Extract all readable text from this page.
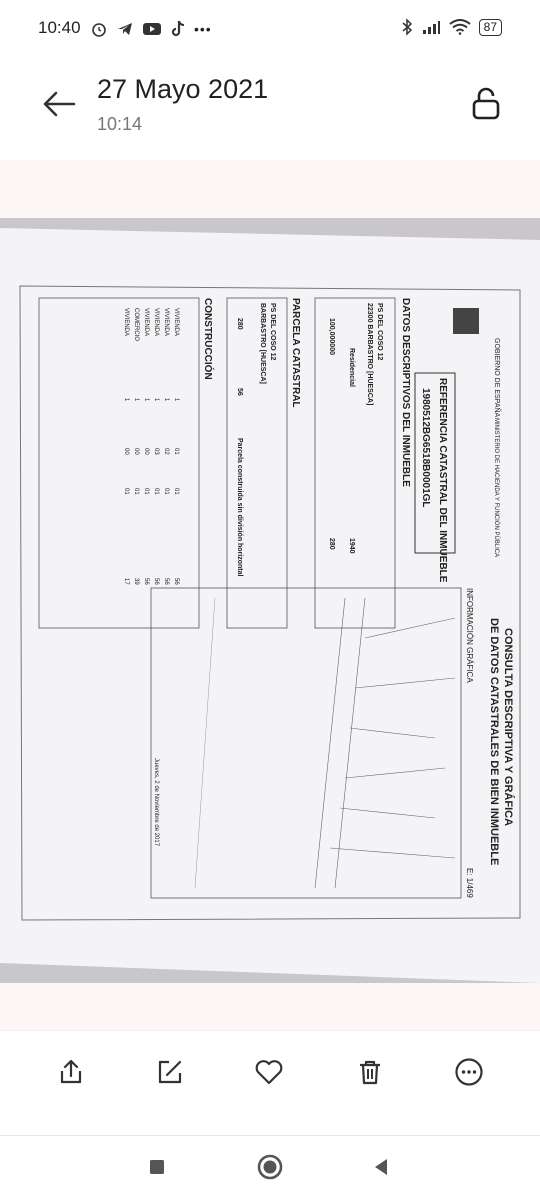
10:40	•••	87
27 Mayo 2021
10:14
GOBIERNO DE ESPAÑA
MINISTERIO DE HACIENDA Y FUNCIÓN PÚBLICA
REFERENCIA CATASTRAL DEL INMUEBLE
1980512BG6518B0001GL
DATOS DESCRIPTIVOS DEL INMUEBLE
PS DEL COSO 12
22300 BARBASTRO [HUESCA]
Residencial
1940
100,000000
280
PARCELA CATASTRAL
PS DEL COSO 12
BARBASTRO [HUESCA]
280
56
Parcela construida sin división horizontal
CONSTRUCCIÓN
VIVIENDA
1
01
01
56
VIVIENDA
1
02
01
56
VIVIENDA
1
03
01
56
VIVIENDA
1
00
01
56
COMERCIO
1
00
01
39
VIVIENDA
1
00
01
17
CONSULTA DESCRIPTIVA Y GRÁFICA
DE DATOS CATASTRALES DE BIEN INMUEBLE
INFORMACIÓN GRÁFICA
E: 1/469
Jueves, 2 de Noviembre de 2017
